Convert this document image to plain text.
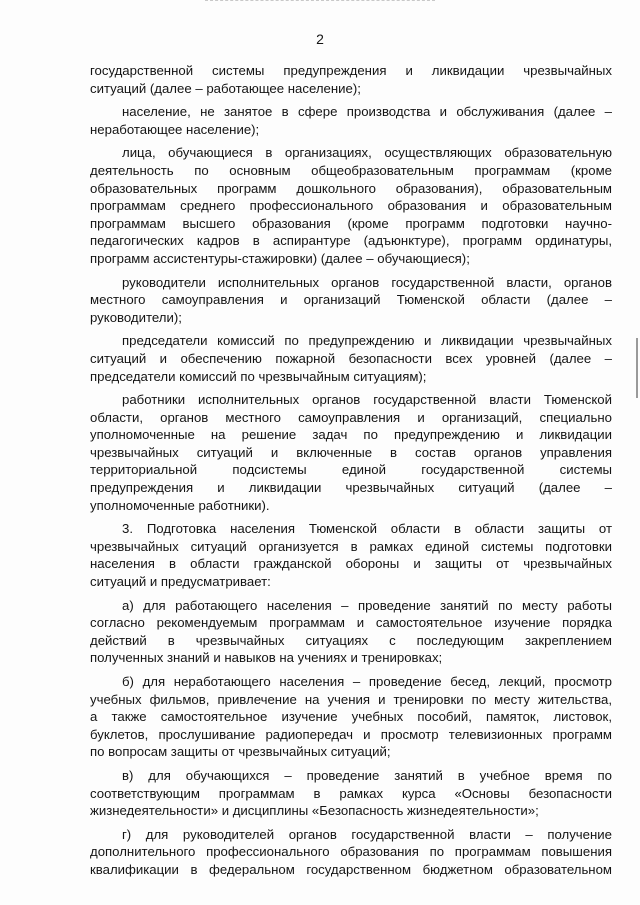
2
государственной системы предупреждения и ликвидации чрезвычайных
ситуаций (далее – работающее население);
население, не занятое в сфере производства и обслуживания (далее –
неработающее население);
лица, обучающиеся в организациях, осуществляющих образовательную
деятельность по основным общеобразовательным программам (кроме
образовательных программ дошкольного образования), образовательным
программам среднего профессионального образования и образовательным
программам высшего образования (кроме программ подготовки научно-
педагогических кадров в аспирантуре (адъюнктуре), программ ординатуры,
программ ассистентуры-стажировки) (далее – обучающиеся);
руководители исполнительных органов государственной власти, органов
местного самоуправления и организаций Тюменской области (далее –
руководители);
председатели комиссий по предупреждению и ликвидации чрезвычайных
ситуаций и обеспечению пожарной безопасности всех уровней (далее –
председатели комиссий по чрезвычайным ситуациям);
работники исполнительных органов государственной власти Тюменской
области, органов местного самоуправления и организаций, специально
уполномоченные на решение задач по предупреждению и ликвидации
чрезвычайных ситуаций и включенные в состав органов управления
территориальной подсистемы единой государственной системы
предупреждения и ликвидации чрезвычайных ситуаций (далее –
уполномоченные работники).
3. Подготовка населения Тюменской области в области защиты от
чрезвычайных ситуаций организуется в рамках единой системы подготовки
населения в области гражданской обороны и защиты от чрезвычайных
ситуаций и предусматривает:
а) для работающего населения – проведение занятий по месту работы
согласно рекомендуемым программам и самостоятельное изучение порядка
действий в чрезвычайных ситуациях с последующим закреплением
полученных знаний и навыков на учениях и тренировках;
б) для неработающего населения – проведение бесед, лекций, просмотр
учебных фильмов, привлечение на учения и тренировки по месту жительства,
а также самостоятельное изучение учебных пособий, памяток, листовок,
буклетов, прослушивание радиопередач и просмотр телевизионных программ
по вопросам защиты от чрезвычайных ситуаций;
в) для обучающихся – проведение занятий в учебное время по
соответствующим программам в рамках курса «Основы безопасности
жизнедеятельности» и дисциплины «Безопасность жизнедеятельности»;
г) для руководителей органов государственной власти – получение
дополнительного профессионального образования по программам повышения
квалификации в федеральном государственном бюджетном образовательном
